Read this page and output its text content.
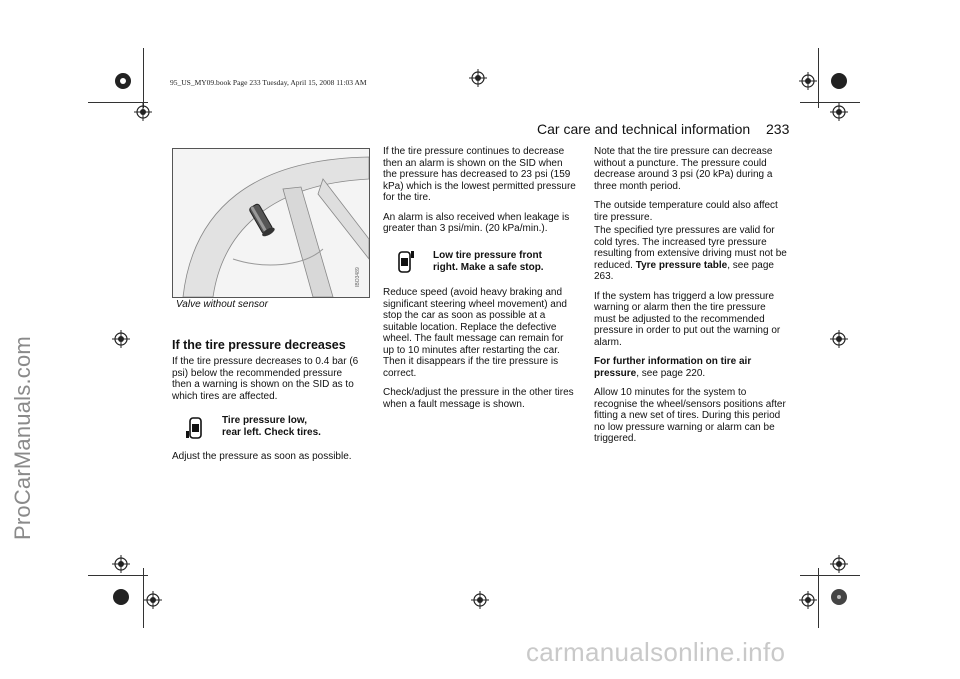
95_US_MY09.book Page 233 Tuesday, April 15, 2008 11:03 AM
Car care and technical information 233
IBO3489
Valve without sensor
If the tire pressure decreases

If the tire pressure decreases to 0.4 bar (6 psi) below the recommended pressure then a warning is shown on the SID as to which tires are affected.

Tire pressure low,
rear left. Check tires.

Adjust the pressure as soon as possible.

If the tire pressure continues to decrease then an alarm is shown on the SID when the pressure has decreased to 23 psi (159 kPa) which is the lowest permitted pressure for the tire.

An alarm is also received when leakage is greater than 3 psi/min. (20 kPa/min.).

Low tire pressure front
right. Make a safe stop.

Reduce speed (avoid heavy braking and significant steering wheel movement) and stop the car as soon as possible at a suitable location. Replace the defective wheel. The fault message can remain for up to 10 minutes after restarting the car. Then it disappears if the tire pressure is correct.

Check/adjust the pressure in the other tires when a fault message is shown.

Note that the tire pressure can decrease without a puncture. The pressure could decrease around 3 psi (20 kPa) during a three month period.

The outside temperature could also affect tire pressure.

The specified tyre pressures are valid for cold tyres. The increased tyre pressure resulting from extensive driving must not be reduced. Tyre pressure table, see page 263.

If the system has triggerd a low pressure warning or alarm then the tire pressure must be adjusted to the recommended pressure in order to put out the warning or alarm.

For further information on tire air pressure, see page 220.

Allow 10 minutes for the system to recognise the wheel/sensors positions after fitting a new set of tires. During this period no low pressure warning or alarm can be triggered.

ProCarManuals.com
carmanualsonline.info
